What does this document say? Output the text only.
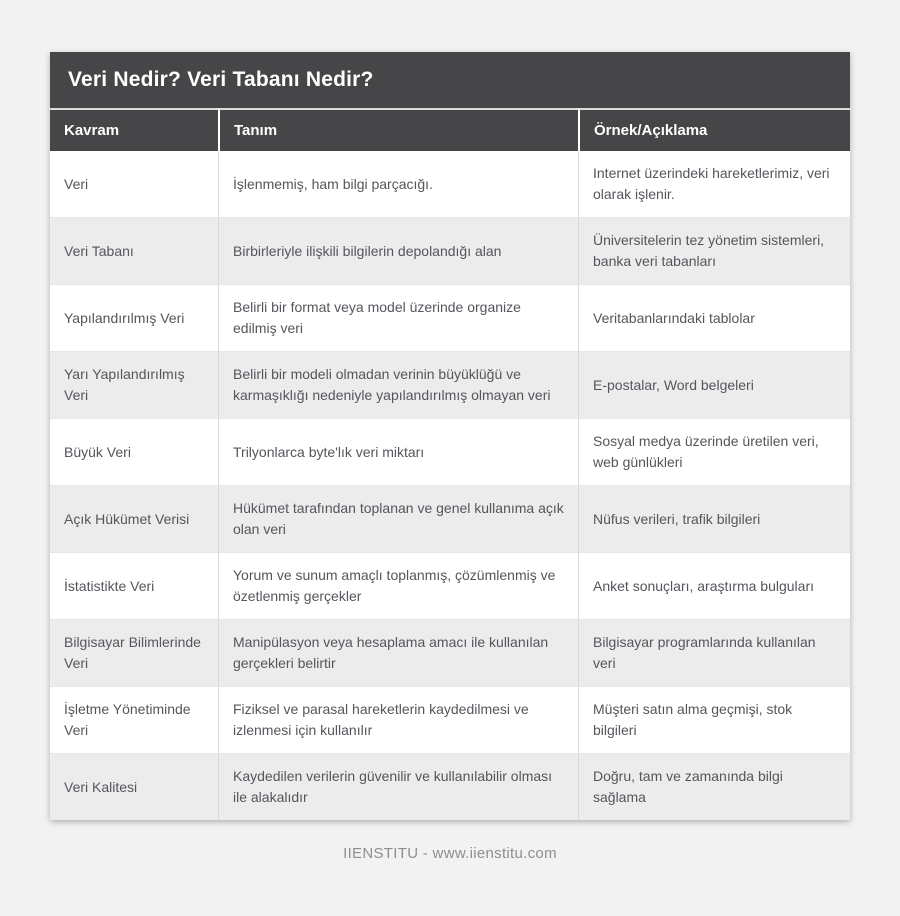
Veri Nedir? Veri Tabanı Nedir?
Kavram	Tanım	Örnek/Açıklama
Veri	İşlenmemiş, ham bilgi parçacığı.	Internet üzerindeki hareketlerimiz, veri olarak işlenir.
Veri Tabanı	Birbirleriyle ilişkili bilgilerin depolandığı alan	Üniversitelerin tez yönetim sistemleri, banka veri tabanları
Yapılandırılmış Veri	Belirli bir format veya model üzerinde organize edilmiş veri	Veritabanlarındaki tablolar
Yarı Yapılandırılmış Veri	Belirli bir modeli olmadan verinin büyüklüğü ve karmaşıklığı nedeniyle yapılandırılmış olmayan veri	E-postalar, Word belgeleri
Büyük Veri	Trilyonlarca byte'lık veri miktarı	Sosyal medya üzerinde üretilen veri, web günlükleri
Açık Hükümet Verisi	Hükümet tarafından toplanan ve genel kullanıma açık olan veri	Nüfus verileri, trafik bilgileri
İstatistikte Veri	Yorum ve sunum amaçlı toplanmış, çözümlenmiş ve özetlenmiş gerçekler	Anket sonuçları, araştırma bulguları
Bilgisayar Bilimlerinde Veri	Manipülasyon veya hesaplama amacı ile kullanılan gerçekleri belirtir	Bilgisayar programlarında kullanılan veri
İşletme Yönetiminde Veri	Fiziksel ve parasal hareketlerin kaydedilmesi ve izlenmesi için kullanılır	Müşteri satın alma geçmişi, stok bilgileri
Veri Kalitesi	Kaydedilen verilerin güvenilir ve kullanılabilir olması ile alakalıdır	Doğru, tam ve zamanında bilgi sağlama
IIENSTITU - www.iienstitu.com
